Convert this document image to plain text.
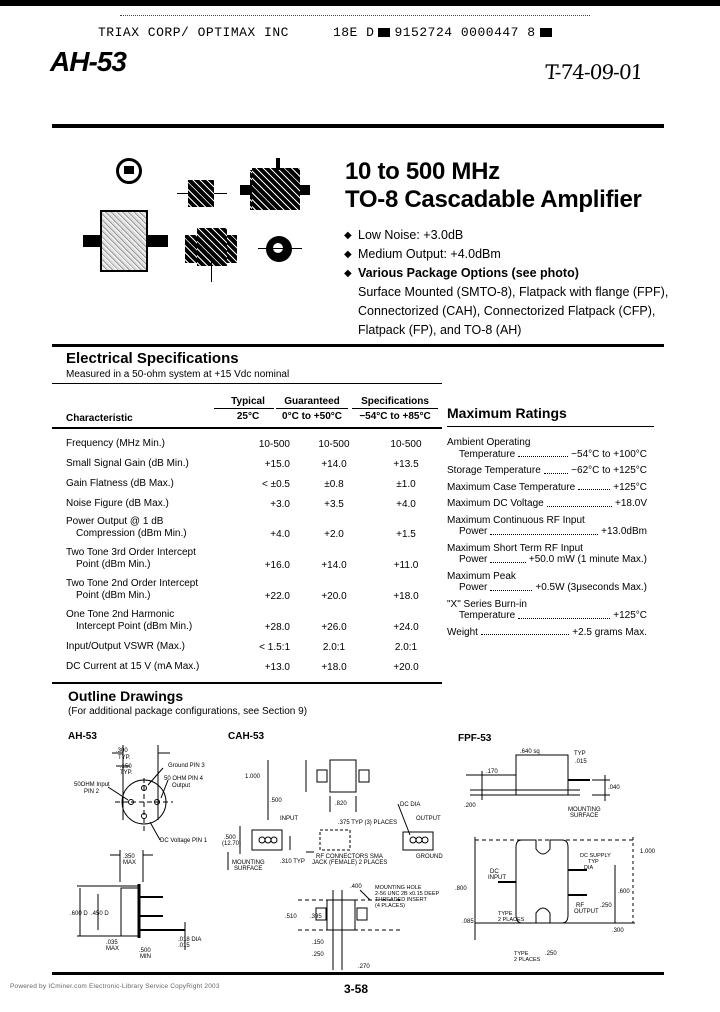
TRIAX CORP/ OPTIMAX INC	18E D 9152724 0000447 8
AH-53	T-74-09-01
10 to 500 MHz
TO-8 Cascadable Amplifier
◆ Low Noise: +3.0dB
◆ Medium Output: +4.0dBm
◆ Various Package Options (see photo)
Surface Mounted (SMTO-8), Flatpack with flange (FPF),
Connectorized (CAH), Connectorized Flatpack (CFP),
Flatpack (FP), and TO-8 (AH)
Electrical Specifications
Measured in a 50-ohm system at +15 Vdc nominal
Typical
25°C
Guaranteed
0°C to +50°C
Specifications
−54°C to +85°C
Characteristic
Frequency (MHz Min.)	10-500	10-500	10-500
Small Signal Gain (dB Min.)	+15.0	+14.0	+13.5
Gain Flatness (dB Max.)	< ±0.5	±0.8	±1.0
Noise Figure (dB Max.)	+3.0	+3.5	+4.0
Power Output @ 1 dB
Compression (dBm Min.)	+4.0	+2.0	+1.5
Two Tone 3rd Order Intercept
Point (dBm Min.)	+16.0	+14.0	+11.0
Two Tone 2nd Order Intercept
Point (dBm Min.)	+22.0	+20.0	+18.0
One Tone 2nd Harmonic
Intercept Point (dBm Min.)	+28.0	+26.0	+24.0
Input/Output VSWR (Max.)	< 1.5:1	2.0:1	2.0:1
DC Current at 15 V (mA Max.)	+13.0	+18.0	+20.0
Maximum Ratings
Ambient Operating
Temperature	−54°C to +100°C
Storage Temperature	−62°C to +125°C
Maximum Case Temperature	+125°C
Maximum DC Voltage	+18.0V
Maximum Continuous RF Input
Power	+13.0dBm
Maximum Short Term RF Input
Power	+50.0 mW (1 minute Max.)
Maximum Peak
Power	+0.5W (3μseconds Max.)
"X" Series Burn-in
Temperature	+125°C
Weight	+2.5 grams Max.
Outline Drawings
(For additional package configurations, see Section 9)
AH-53	CAH-53	FPF-53
.300
TYP.
.150
TYP.
Ground PIN 3
50 OHM PIN 4
Output
50OHM Input
PIN 2
DC Voltage PIN 1
.350
MAX
.600 D .450 D
.035
MAX	.500
MIN
.018 DIA
.015
1.000
.820
.500
INPUT
.500
(12.70)
.310 TYP
MOUNTING
SURFACE
.375 TYP (3) PLACES
RF CONNECTORS SMA
JACK (FEMALE) 2 PLACES
DC DIA
OUTPUT
GROUND
.400 MOUNTING HOLE
2-56 UNC 2B x0.15 DEEP
THREADED INSERT
(4 PLACES)
.510 .395
.150
.250
.270
.640 sq	TYP
.015
.170
.040
.200
MOUNTING
SURFACE
DC SUPPLY
TYP
DIA
1.000
DC
INPUT
RF
OUTPUT
.800	.600
.250
.085
TYPE
2 PLACES
.300
TYPE
2 PLACES
.250
Powered by ICminer.com Electronic-Library Service CopyRight 2003	3-58
